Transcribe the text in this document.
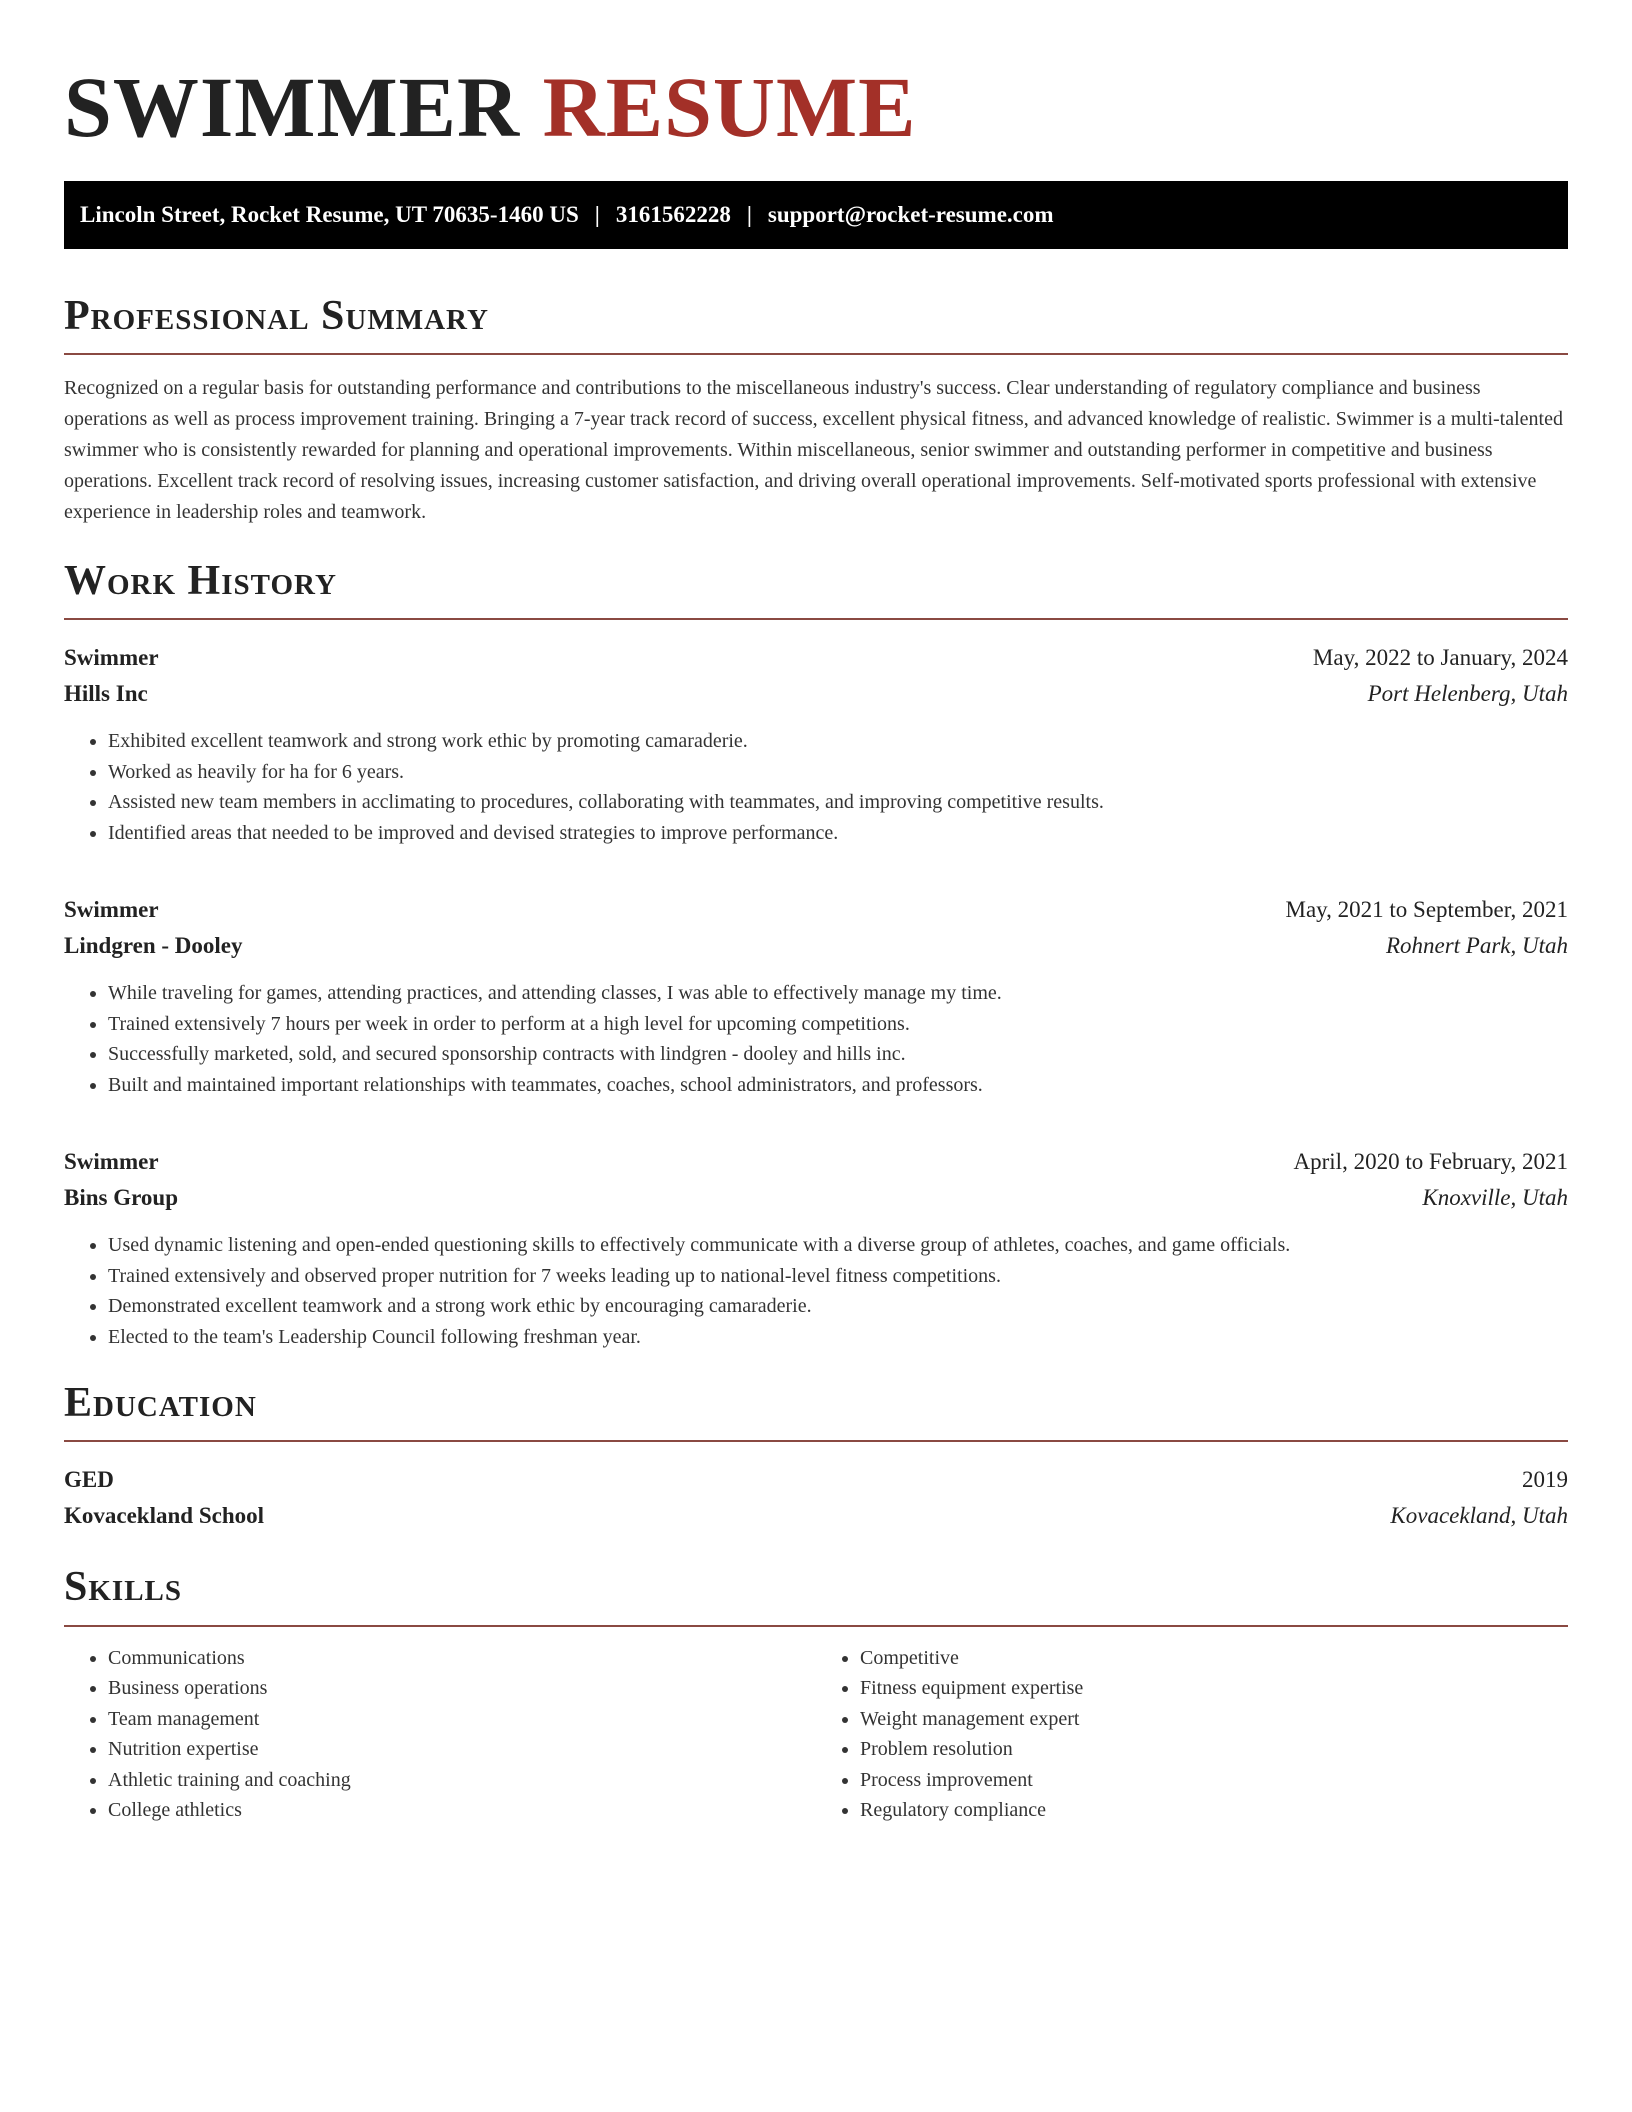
SWIMMER RESUME
Lincoln Street, Rocket Resume, UT 70635-1460 US | 3161562228 | support@rocket-resume.com
Professional Summary

Recognized on a regular basis for outstanding performance and contributions to the miscellaneous industry's success. Clear understanding of regulatory compliance and business operations as well as process improvement training. Bringing a 7-year track record of success, excellent physical fitness, and advanced knowledge of realistic. Swimmer is a multi-talented swimmer who is consistently rewarded for planning and operational improvements. Within miscellaneous, senior swimmer and outstanding performer in competitive and business operations. Excellent track record of resolving issues, increasing customer satisfaction, and driving overall operational improvements. Self-motivated sports professional with extensive experience in leadership roles and teamwork.

Work History
Swimmer	May, 2022 to January, 2024
Hills Inc	Port Helenberg, Utah
• Exhibited excellent teamwork and strong work ethic by promoting camaraderie.
• Worked as heavily for ha for 6 years.
• Assisted new team members in acclimating to procedures, collaborating with teammates, and improving competitive results.
• Identified areas that needed to be improved and devised strategies to improve performance.
Swimmer	May, 2021 to September, 2021
Lindgren - Dooley	Rohnert Park, Utah
• While traveling for games, attending practices, and attending classes, I was able to effectively manage my time.
• Trained extensively 7 hours per week in order to perform at a high level for upcoming competitions.
• Successfully marketed, sold, and secured sponsorship contracts with lindgren - dooley and hills inc.
• Built and maintained important relationships with teammates, coaches, school administrators, and professors.
Swimmer	April, 2020 to February, 2021
Bins Group	Knoxville, Utah
• Used dynamic listening and open-ended questioning skills to effectively communicate with a diverse group of athletes, coaches, and game officials.
• Trained extensively and observed proper nutrition for 7 weeks leading up to national-level fitness competitions.
• Demonstrated excellent teamwork and a strong work ethic by encouraging camaraderie.
• Elected to the team's Leadership Council following freshman year.
Education
GED	2019
Kovacekland School	Kovacekland, Utah
Skills
• Communications
• Business operations
• Team management
• Nutrition expertise
• Athletic training and coaching
• College athletics
• Competitive
• Fitness equipment expertise
• Weight management expert
• Problem resolution
• Process improvement
• Regulatory compliance
